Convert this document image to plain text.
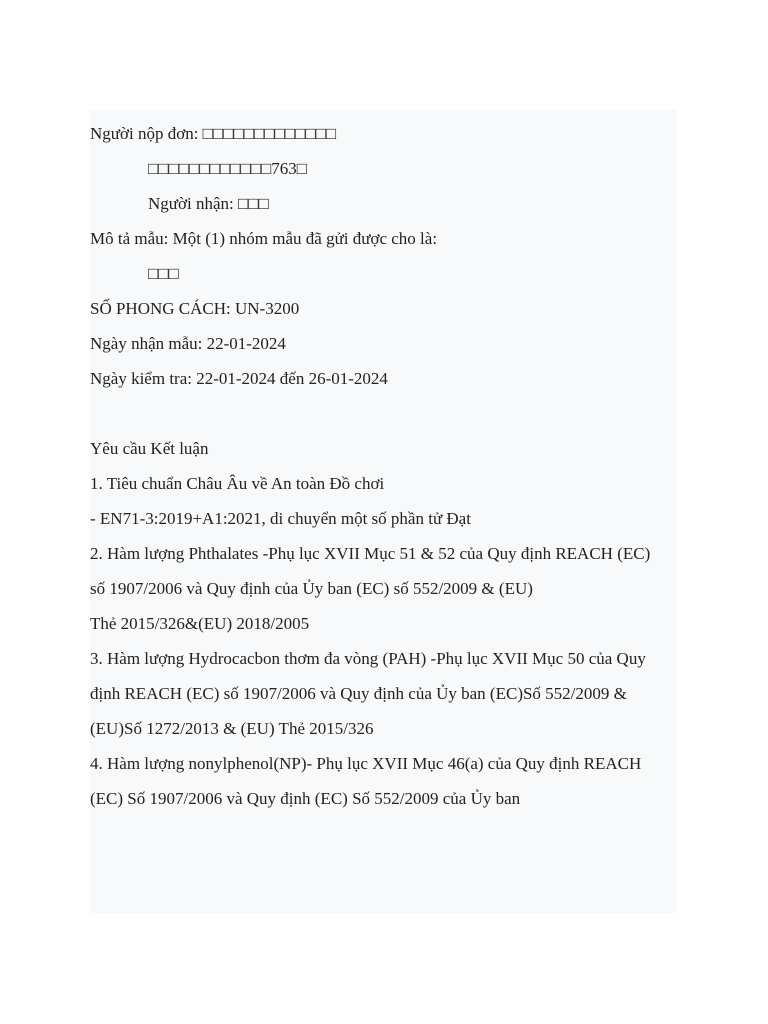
Người nộp đơn: □□□□□□□□□□□□□
□□□□□□□□□□□□763□
Người nhận: □□□
Mô tả mẫu: Một (1) nhóm mẫu đã gửi được cho là:
□□□
SỐ PHONG CÁCH: UN-3200
Ngày nhận mẫu: 22-01-2024
Ngày kiểm tra: 22-01-2024 đến 26-01-2024
Yêu cầu Kết luận
1. Tiêu chuẩn Châu Âu về An toàn Đồ chơi
- EN71-3:2019+A1:2021, di chuyển một số phần tử Đạt
2. Hàm lượng Phthalates -Phụ lục XVII Mục 51 & 52 của Quy định REACH (EC)
số 1907/2006 và Quy định của Ủy ban (EC) số 552/2009 & (EU)
Thẻ 2015/326&(EU) 2018/2005
3. Hàm lượng Hydrocacbon thơm đa vòng (PAH) -Phụ lục XVII Mục 50 của Quy
định REACH (EC) số 1907/2006 và Quy định của Ủy ban (EC)Số 552/2009 &
(EU)Số 1272/2013 & (EU) Thẻ 2015/326
4. Hàm lượng nonylphenol(NP)- Phụ lục XVII Mục 46(a) của Quy định REACH
(EC) Số 1907/2006 và Quy định (EC) Số 552/2009 của Ủy ban
